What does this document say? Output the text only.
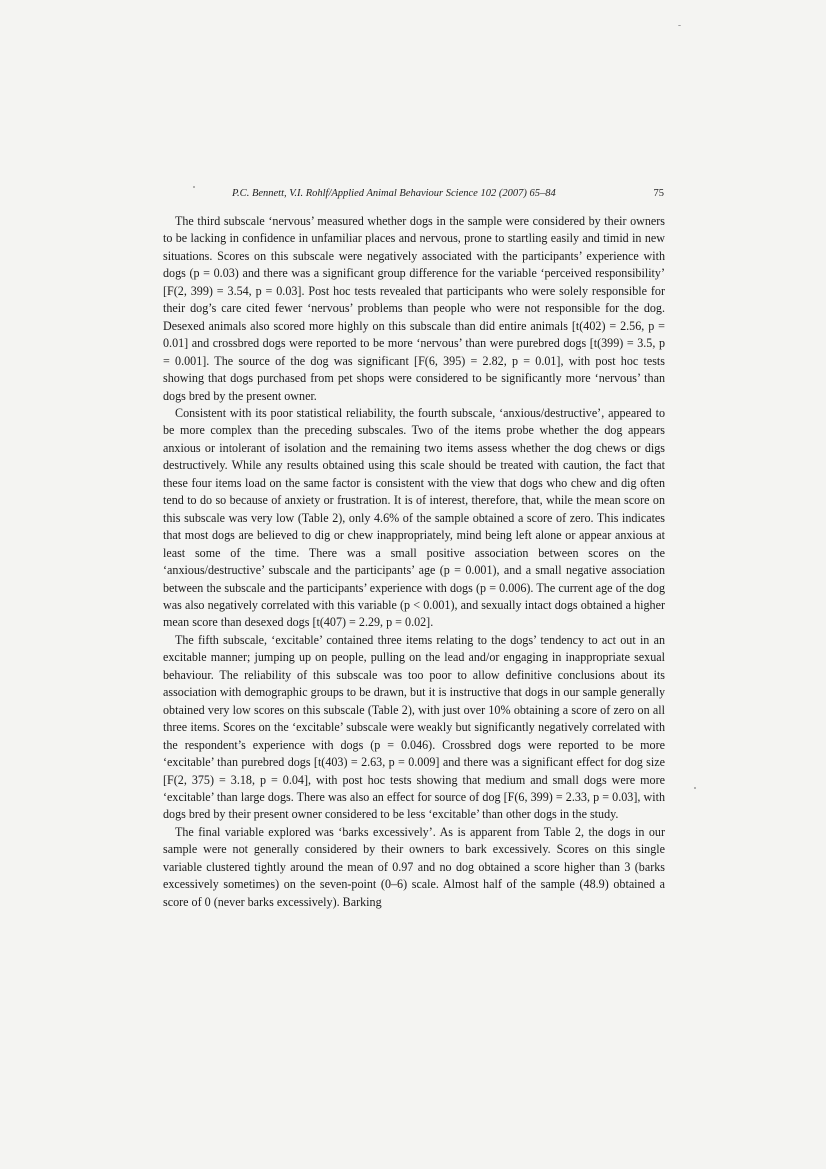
P.C. Bennett, V.I. Rohlf/Applied Animal Behaviour Science 102 (2007) 65–84	75

The third subscale ‘nervous’ measured whether dogs in the sample were considered by their owners to be lacking in confidence in unfamiliar places and nervous, prone to startling easily and timid in new situations. Scores on this subscale were negatively associated with the participants’ experience with dogs (p = 0.03) and there was a significant group difference for the variable ‘perceived responsibility’ [F(2, 399) = 3.54, p = 0.03]. Post hoc tests revealed that participants who were solely responsible for their dog’s care cited fewer ‘nervous’ problems than people who were not responsible for the dog. Desexed animals also scored more highly on this subscale than did entire animals [t(402) = 2.56, p = 0.01] and crossbred dogs were reported to be more ‘nervous’ than were purebred dogs [t(399) = 3.5, p = 0.001]. The source of the dog was significant [F(6, 395) = 2.82, p = 0.01], with post hoc tests showing that dogs purchased from pet shops were considered to be significantly more ‘nervous’ than dogs bred by the present owner.

Consistent with its poor statistical reliability, the fourth subscale, ‘anxious/destructive’, appeared to be more complex than the preceding subscales. Two of the items probe whether the dog appears anxious or intolerant of isolation and the remaining two items assess whether the dog chews or digs destructively. While any results obtained using this scale should be treated with caution, the fact that these four items load on the same factor is consistent with the view that dogs who chew and dig often tend to do so because of anxiety or frustration. It is of interest, therefore, that, while the mean score on this subscale was very low (Table 2), only 4.6% of the sample obtained a score of zero. This indicates that most dogs are believed to dig or chew inappropriately, mind being left alone or appear anxious at least some of the time. There was a small positive association between scores on the ‘anxious/destructive’ subscale and the participants’ age (p = 0.001), and a small negative association between the subscale and the participants’ experience with dogs (p = 0.006). The current age of the dog was also negatively correlated with this variable (p < 0.001), and sexually intact dogs obtained a higher mean score than desexed dogs [t(407) = 2.29, p = 0.02].

The fifth subscale, ‘excitable’ contained three items relating to the dogs’ tendency to act out in an excitable manner; jumping up on people, pulling on the lead and/or engaging in inappropriate sexual behaviour. The reliability of this subscale was too poor to allow definitive conclusions about its association with demographic groups to be drawn, but it is instructive that dogs in our sample generally obtained very low scores on this subscale (Table 2), with just over 10% obtaining a score of zero on all three items. Scores on the ‘excitable’ subscale were weakly but significantly negatively correlated with the respondent’s experience with dogs (p = 0.046). Crossbred dogs were reported to be more ‘excitable’ than purebred dogs [t(403) = 2.63, p = 0.009] and there was a significant effect for dog size [F(2, 375) = 3.18, p = 0.04], with post hoc tests showing that medium and small dogs were more ‘excitable’ than large dogs. There was also an effect for source of dog [F(6, 399) = 2.33, p = 0.03], with dogs bred by their present owner considered to be less ‘excitable’ than other dogs in the study.

The final variable explored was ‘barks excessively’. As is apparent from Table 2, the dogs in our sample were not generally considered by their owners to bark excessively. Scores on this single variable clustered tightly around the mean of 0.97 and no dog obtained a score higher than 3 (barks excessively sometimes) on the seven-point (0–6) scale. Almost half of the sample (48.9) obtained a score of 0 (never barks excessively). Barking
